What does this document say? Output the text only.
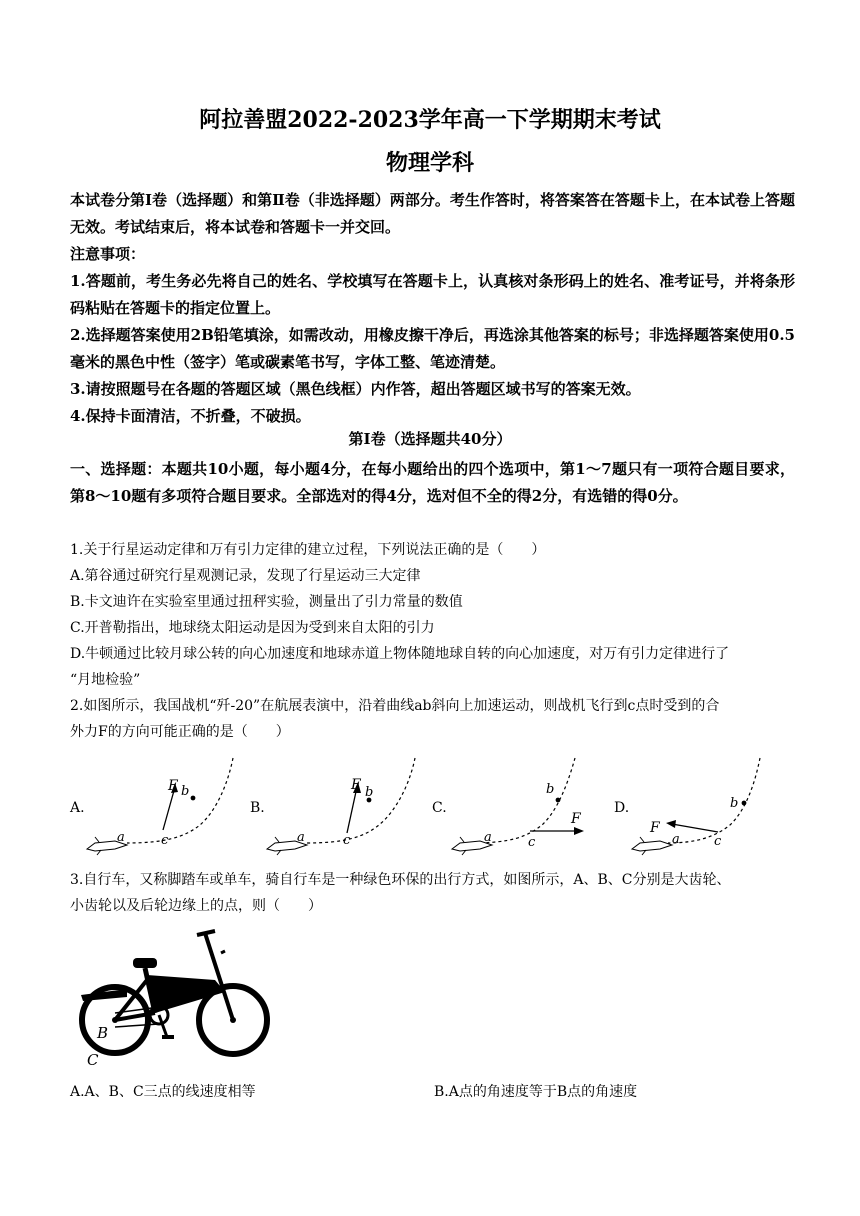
阿拉善盟2022-2023学年高一下学期期末考试
物理学科
本试卷分第Ⅰ卷（选择题）和第Ⅱ卷（非选择题）两部分。考生作答时，将答案答在答题卡上，在本试卷上答题无效。考试结束后，将本试卷和答题卡一并交回。
注意事项：
1.答题前，考生务必先将自己的姓名、学校填写在答题卡上，认真核对条形码上的姓名、准考证号，并将条形码粘贴在答题卡的指定位置上。
2.选择题答案使用2B铅笔填涂，如需改动，用橡皮擦干净后，再选涂其他答案的标号；非选择题答案使用0.5毫米的黑色中性（签字）笔或碳素笔书写，字体工整、笔迹清楚。
3.请按照题号在各题的答题区域（黑色线框）内作答，超出答题区域书写的答案无效。
4.保持卡面清洁，不折叠，不破损。
第Ⅰ卷（选择题共40分）
一、选择题：本题共10小题，每小题4分，在每小题给出的四个选项中，第1～7题只有一项符合题目要求，第8～10题有多项符合题目要求。全部选对的得4分，选对但不全的得2分，有选错的得0分。
1.关于行星运动定律和万有引力定律的建立过程，下列说法正确的是（　　）
A.第谷通过研究行星观测记录，发现了行星运动三大定律
B.卡文迪许在实验室里通过扭秤实验，测量出了引力常量的数值
C.开普勒指出，地球绕太阳运动是因为受到来自太阳的引力
D.牛顿通过比较月球公转的向心加速度和地球赤道上物体随地球自转的向心加速度，对万有引力定律进行了
“月地检验”
2.如图所示，我国战机“歼-20”在航展表演中，沿着曲线ab斜向上加速运动，则战机飞行到c点时受到的合
外力F的方向可能正确的是（　　）
A.	B.	C.	D.
F b
c
a
F b
c
a
F
b
c
a
F
b
c
a
3.自行车，又称脚踏车或单车，骑自行车是一种绿色环保的出行方式，如图所示，A、B、C分别是大齿轮、
小齿轮以及后轮边缘上的点，则（　　）
B
C
A.A、B、C三点的线速度相等	B.A点的角速度等于B点的角速度
